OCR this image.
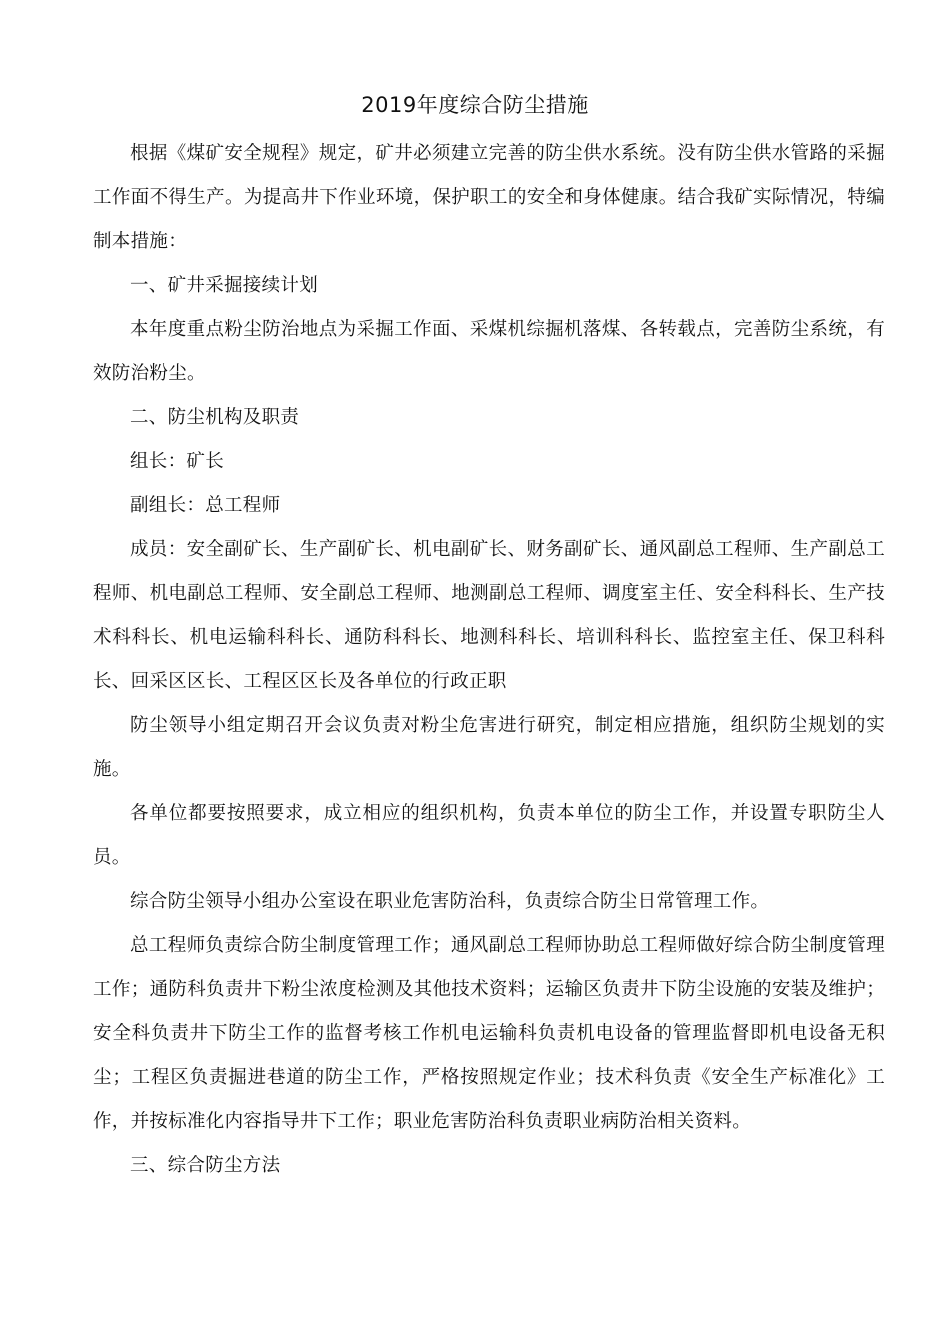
2019年度综合防尘措施

根据《煤矿安全规程》规定，矿井必须建立完善的防尘供水系统。没有防尘供水管路的采掘工作面不得生产。为提高井下作业环境，保护职工的安全和身体健康。结合我矿实际情况，特编制本措施：

一、矿井采掘接续计划

本年度重点粉尘防治地点为采掘工作面、采煤机综掘机落煤、各转载点，完善防尘系统，有效防治粉尘。

二、防尘机构及职责

组长：矿长

副组长：总工程师

成员：安全副矿长、生产副矿长、机电副矿长、财务副矿长、通风副总工程师、生产副总工程师、机电副总工程师、安全副总工程师、地测副总工程师、调度室主任、安全科科长、生产技术科科长、机电运输科科长、通防科科长、地测科科长、培训科科长、监控室主任、保卫科科长、回采区区长、工程区区长及各单位的行政正职

防尘领导小组定期召开会议负责对粉尘危害进行研究，制定相应措施，组织防尘规划的实施。

各单位都要按照要求，成立相应的组织机构，负责本单位的防尘工作，并设置专职防尘人员。

综合防尘领导小组办公室设在职业危害防治科，负责综合防尘日常管理工作。

总工程师负责综合防尘制度管理工作；通风副总工程师协助总工程师做好综合防尘制度管理工作；通防科负责井下粉尘浓度检测及其他技术资料；运输区负责井下防尘设施的安装及维护；安全科负责井下防尘工作的监督考核工作机电运输科负责机电设备的管理监督即机电设备无积尘；工程区负责掘进巷道的防尘工作，严格按照规定作业；技术科负责《安全生产标准化》工作，并按标准化内容指导井下工作；职业危害防治科负责职业病防治相关资料。

三、综合防尘方法
